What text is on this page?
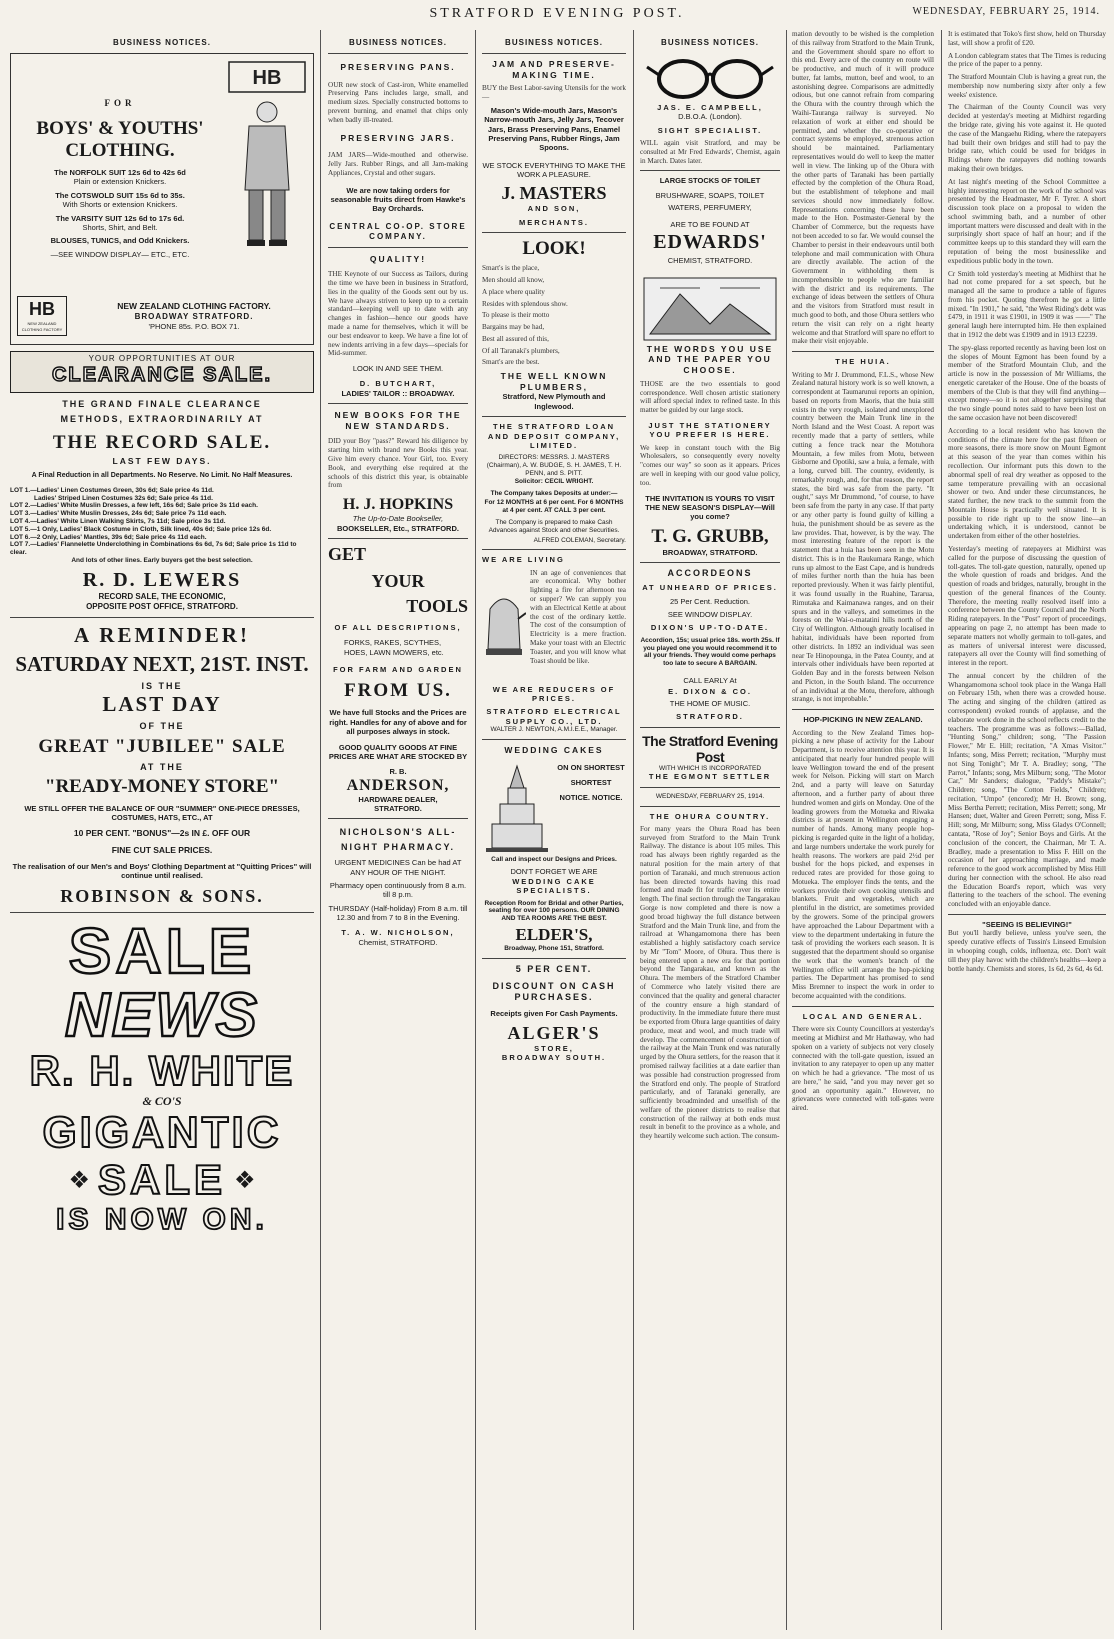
STRATFORD EVENING POST.	WEDNESDAY, FEBRUARY 25, 1914.
BUSINESS NOTICES.
HB
FOR
BOYS' & YOUTHS'
CLOTHING.
The NORFOLK SUIT 12s 6d to 42s 6d
Plain or extension Knickers.
The COTSWOLD SUIT 15s 6d to 35s.
With Shorts or extension Knickers.
The VARSITY SUIT 12s 6d to 17s 6d.
Shorts, Shirt, and Belt.
BLOUSES, TUNICS, and Odd Knickers.
—SEE WINDOW DISPLAY— ETC., ETC.
HB
NEW ZEALAND CLOTHING FACTORY
NEW ZEALAND CLOTHING FACTORY.
BROADWAY STRATFORD.
'PHONE 85s. P.O. BOX 71.
YOUR OPPORTUNITIES AT OUR
CLEARANCE SALE.
THE GRAND FINALE CLEARANCE
METHODS, EXTRAORDINARILY AT
THE RECORD SALE.
LAST FEW DAYS.
A Final Reduction in all Departments. No Reserve. No Limit. No Half Measures.
LOT 1.—Ladies' Linen Costumes Green, 30s 6d; Sale price 4s 11d.
Ladies' Striped Linen Costumes 32s 6d; Sale price 4s 11d.
LOT 2.—Ladies' White Muslin Dresses, a few left, 16s 6d; Sale price 3s 11d each.
LOT 3.—Ladies' White Muslin Dresses, 24s 6d; Sale price 7s 11d each.
LOT 4.—Ladies' White Linen Walking Skirts, 7s 11d; Sale price 3s 11d.
LOT 5.—1 Only, Ladies' Black Costume in Cloth, Silk lined, 40s 6d; Sale price 12s 6d.
LOT 6.—2 Only, Ladies' Mantles, 39s 6d; Sale price 4s 11d each.
LOT 7.—Ladies' Flannelette Underclothing in Combinations 6s 6d, 7s 6d; Sale price 1s 11d to clear.
And lots of other lines. Early buyers get the best selection.
R. D. LEWERS
RECORD SALE, THE ECONOMIC,
OPPOSITE POST OFFICE, STRATFORD.
A REMINDER!
SATURDAY NEXT, 21ST. INST.
IS THE
LAST DAY
OF THE
GREAT "JUBILEE" SALE
AT THE
"READY-MONEY STORE"
WE STILL OFFER THE BALANCE OF OUR "SUMMER" ONE-PIECE DRESSES, COSTUMES, HATS, ETC., AT
10 PER CENT. "BONUS"—2s IN £. OFF OUR
FINE CUT SALE PRICES.
The realisation of our Men's and Boys' Clothing Department at "Quitting Prices" will continue until realised.
ROBINSON & SONS.
SALE
NEWS
R. H. WHITE
& CO'S
GIGANTIC
❖ SALE ❖
IS NOW ON.
BUSINESS NOTICES.
PRESERVING PANS.
OUR new stock of Cast-iron, White enamelled Preserving Pans includes large, small, and medium sizes. Specially constructed bottoms to prevent burning, and enamel that chips only when badly ill-treated.
PRESERVING JARS.
JAM JARS—Wide-mouthed and otherwise. Jelly Jars. Rubber Rings, and all Jam-making Appliances, Crystal and other sugars.
We are now taking orders for seasonable fruits direct from Hawke's Bay Orchards.
CENTRAL CO-OP. STORE COMPANY.
QUALITY!
THE Keynote of our Success as Tailors, during the time we have been in business in Stratford, lies in the quality of the Goods sent out by us. We have always striven to keep up to a certain standard—keeping well up to date with any changes in fashion—hence our goods have made a name for themselves, which it will be our best endeavor to keep. We have a fine lot of new indents arriving in a few days—specials for Mid-summer.
LOOK IN AND SEE THEM.
D. BUTCHART,
LADIES' TAILOR :: BROADWAY.
NEW BOOKS FOR THE NEW STANDARDS.
DID your Boy "pass?" Reward his diligence by starting him with brand new Books this year. Give him every chance. Your Girl, too. Every Book, and everything else required at the schools of this district this year, is obtainable from
H. J. HOPKINS
The Up-to-Date Bookseller,
BOOKSELLER, Etc., STRATFORD.
GET
YOUR
TOOLS
OF ALL DESCRIPTIONS,
FORKS, RAKES, SCYTHES, HOES, LAWN MOWERS, etc.
FOR FARM AND GARDEN
FROM US.
We have full Stocks and the Prices are right. Handles for any of above and for all purposes always in stock.
GOOD QUALITY GOODS AT FINE PRICES ARE WHAT ARE STOCKED BY
R. B.
ANDERSON,
HARDWARE DEALER,
STRATFORD.
NICHOLSON'S ALL-NIGHT PHARMACY.
URGENT MEDICINES Can be had AT ANY HOUR OF THE NIGHT.
Pharmacy open continuously from 8 a.m. till 8 p.m.
THURSDAY (Half-holiday) From 8 a.m. till 12.30 and from 7 to 8 in the Evening.
T. A. W. NICHOLSON,
Chemist, STRATFORD.
BUSINESS NOTICES.
JAM AND PRESERVE-MAKING TIME.
BUY the Best Labor-saving Utensils for the work—
Mason's Wide-mouth Jars, Mason's Narrow-mouth Jars, Jelly Jars, Tecover Jars, Brass Preserving Pans, Enamel Preserving Pans, Rubber Rings, Jam Spoons.
WE STOCK EVERYTHING TO MAKE THE WORK A PLEASURE.
J. MASTERS
AND SON,
MERCHANTS.
LOOK!
Smart's is the place,
Men should all know,
A place where quality
Resides with splendous show.
To please is their motto
Bargains may be had,
Best all assured of this,
Of all Taranaki's plumbers,
Smart's are the best.
THE WELL KNOWN PLUMBERS,
Stratford, New Plymouth and Inglewood.
THE STRATFORD LOAN AND DEPOSIT COMPANY, LIMITED.
DIRECTORS: MESSRS. J. MASTERS (Chairman), A. W. BUDGE, S. H. JAMES, T. H. PENN, and S. PITT.
Solicitor: CECIL WRIGHT.
The Company takes Deposits at under:—
For 12 MONTHS at 6 per cent. For 6 MONTHS at 4 per cent. AT CALL 3 per cent.
The Company is prepared to make Cash Advances against Stock and other Securities.
ALFRED COLEMAN, Secretary.
WE ARE LIVING
IN an age of conveniences that are economical. Why bother lighting a fire for afternoon tea or supper? We can supply you with an Electrical Kettle at about the cost of the ordinary kettle. The cost of the consumption of Electricity is a mere fraction. Make your toast with an Electric Toaster, and you will know what Toast should be like.
WE ARE REDUCERS OF PRICES.
STRATFORD ELECTRICAL SUPPLY CO., LTD.
WALTER J. NEWTON, A.M.I.E.E., Manager.
WEDDING CAKES
ON ON SHORTEST SHORTEST NOTICE. NOTICE.
Call and inspect our Designs and Prices.
DON'T FORGET WE ARE
WEDDING CAKE SPECIALISTS.
Reception Room for Bridal and other Parties, seating for over 100 persons. OUR DINING AND TEA ROOMS ARE THE BEST.
ELDER'S,
Broadway, Phone 151, Stratford.
5 PER CENT.
DISCOUNT ON CASH PURCHASES.
Receipts given For Cash Payments.
ALGER'S
STORE,
BROADWAY SOUTH.
BUSINESS NOTICES.
JAS. E. CAMPBELL,
D.B.O.A. (London).
SIGHT SPECIALIST.
WILL again visit Stratford, and may be consulted at Mr Fred Edwards', Chemist, again in March. Dates later.
LARGE STOCKS OF TOILET
BRUSHWARE, SOAPS, TOILET WATERS, PERFUMERY,
ARE TO BE FOUND AT
EDWARDS'
CHEMIST, STRATFORD.
THE WORDS YOU USE AND THE PAPER YOU CHOOSE.
THOSE are the two essentials to good correspondence. Well chosen artistic stationery will afford special index to refined taste. In this matter be guided by our large stock.
JUST THE STATIONERY YOU PREFER IS HERE.
We keep in constant touch with the Big Wholesalers, so consequently every novelty "comes our way" so soon as it appears. Prices are well in keeping with our good value policy, too.
THE INVITATION IS YOURS TO VISIT THE NEW SEASON'S DISPLAY—Will you come?
T. G. GRUBB,
BROADWAY, STRATFORD.
ACCORDEONS
AT UNHEARD OF PRICES.
25 Per Cent. Reduction.
SEE WINDOW DISPLAY.
DIXON'S UP-TO-DATE.
Accordion, 15s; usual price 18s. worth 25s. If you played one you would recommend it to all your friends. They would come perhaps too late to secure A BARGAIN.
CALL EARLY At
E. DIXON & CO.
THE HOME OF MUSIC.
STRATFORD.
The Stratford Evening Post
WITH WHICH IS INCORPORATED
THE EGMONT SETTLER
WEDNESDAY, FEBRUARY 25, 1914.
THE OHURA COUNTRY.
For many years the Ohura Road has been surveyed from Stratford to the Main Trunk Railway. The distance is about 105 miles. This road has always been rightly regarded as the natural position for the main artery of that portion of Taranaki, and much strenuous action has been directed towards having this road formed and made fit for traffic over its entire length. The final section through the Tangarakau Gorge is now completed and there is now a good broad highway the full distance between Stratford and the Main Trunk line, and from the railroad at Whangamomona there has been established a highly satisfactory coach service by Mr "Tom" Moore, of Ohura. Thus there is being entered upon a new era for that portion beyond the Tangarakau, and known as the Ohura. The members of the Stratford Chamber of Commerce who lately visited there are convinced that the quality and general character of the country ensure a high standard of productivity. In the immediate future there must be exported from Ohura large quantities of dairy produce, meat and wool, and much trade will develop. The commencement of construction of the railway at the Main Trunk end was naturally urged by the Ohura settlers, for the reason that it promised railway facilities at a date earlier than was possible had construction progressed from the Stratford end only. The people of Stratford particularly, and of Taranaki generally, are sufficiently broadminded and unselfish of the welfare of the pioneer districts to realise that construction of the railway at both ends must result in benefit to the province as a whole, and they heartily welcome such action. The consum-
mation devoutly to be wished is the completion of this railway from Stratford to the Main Trunk, and the Government should spare no effort to this end. Every acre of the country en route will be productive, and much of it will produce butter, fat lambs, mutton, beef and wool, to an astonishing degree. Comparisons are admittedly odious, but one cannot refrain from comparing the Ohura with the country through which the Waihi-Tauranga railway is surveyed. No relaxation of work at either end should be permitted, and whether the co-operative or contract systems be employed, strenuous action should be maintained. Parliamentary representatives would do well to keep the matter well in view. The linking up of the Ohura with the other parts of Taranaki has been partially effected by the completion of the Ohura Road, but the establishment of telephone and mail services should now immediately follow. Representations concerning these have been made to the Hon. Postmaster-General by the Chamber of Commerce, but the requests have not been acceded to so far. We would counsel the Chamber to persist in their endeavours until both telephone and mail communication with Ohura are directly available. The action of the Government in withholding them is incomprehensible to people who are familiar with the district and its requirements. The exchange of ideas between the settlers of Ohura and the visitors from Stratford must result in much good to both, and those Ohura settlers who return the visit can rely on a right hearty welcome and that Stratford will spare no effort to make their visit enjoyable.
THE HUIA.
Writing to Mr J. Drummond, F.L.S., whose New Zealand natural history work is so well known, a correspondent at Taumarunui reports an opinion, based on reports from Maoris, that the huia still exists in the very rough, isolated and unexplored country between the Main Trunk line in the North Island and the West Coast. A report was recently made that a party of settlers, while cutting a fence track near the Motuhora Mountain, a few miles from Motu, between Gisborne and Opotiki, saw a huia, a female, with a long, curved bill. The country, evidently, is remarkably rough, and, for that reason, the report states, the bird was safe from the party. "It ought," says Mr Drummond, "of course, to have been safe from the party in any case. If that party or any other party is found guilty of killing a huia, the punishment should be as severe as the law provides. That, however, is by the way. The most interesting feature of the report is the statement that a huia has been seen in the Motu district. This is in the Raukumara Range, which runs up almost to the East Cape, and is hundreds of miles further north than the huia has been reported previously. When it was fairly plentiful, it was found usually in the Ruahine, Tararua, Rimutaka and Kaimanawa ranges, and on their spurs and in the valleys, and sometimes in the forests on the Wai-o-matatini hills north of the City of Wellington. Although greatly localised in habitat, individuals have been reported from other districts. In 1892 an individual was seen near Te Hinopounga, in the Patea County, and at intervals other individuals have been reported at Golden Bay and in the forests between Nelson and Picton, in the South Island. The occurrence of an individual at the Motu, therefore, although strange, is not improbable."
HOP-PICKING IN NEW ZEALAND.
According to the New Zealand Times hop-picking a new phase of activity for the Labour Department, is to receive attention this year. It is anticipated that nearly four hundred people will leave Wellington toward the end of the present week for Nelson. Picking will start on March 2nd, and a party will leave on Saturday afternoon, and a further party of about three hundred women and girls on Monday. One of the leading growers from the Motueka and Riwaka districts is at present in Wellington engaging a number of hands. Among many people hop-picking is regarded quite in the light of a holiday, and large numbers undertake the work purely for health reasons. The workers are paid 2½d per bushel for the hops picked, and expenses in reduced rates are provided for those going to Motueka. The employer finds the tents, and the workers provide their own cooking utensils and blankets. Fruit and vegetables, which are plentiful in the district, are sometimes provided by the growers. Some of the principal growers have approached the Labour Department with a view to the department undertaking in future the task of providing the workers each season. It is suggested that the department should so organise the work that the women's branch of the Wellington office will arrange the hop-picking parties. The Department has promised to send Miss Bremner to inspect the work in order to become acquainted with the conditions.
LOCAL AND GENERAL.
There were six County Councillors at yesterday's meeting at Midhirst and Mr Hathaway, who had spoken on a variety of subjects not very closely connected with the toll-gate question, issued an invitation to any ratepayer to open up any matter on which he had a grievance. "The most of us are here," he said, "and you may never get so good an opportunity again." However, no grievances were connected with toll-gates were aired.
It is estimated that Toko's first show, held on Thursday last, will show a profit of £20.
A London cablegram states that The Times is reducing the price of the paper to a penny.
The Stratford Mountain Club is having a great run, the membership now numbering sixty after only a few weeks' existence.
The Chairman of the County Council was very decided at yesterday's meeting at Midhirst regarding the bridge rate, giving his vote against it. He quoted the case of the Mangaehu Riding, where the ratepayers had built their own bridges and still had to pay the bridge rate, which could be used for bridges in Ridings where the ratepayers did nothing towards making their own bridges.
At last night's meeting of the School Committee a highly interesting report on the work of the school was presented by the Headmaster, Mr F. Tyrer. A short discussion took place on a proposal to widen the school swimming bath, and a number of other important matters were discussed and dealt with in the surprisingly short space of half an hour; and if the committee keeps up to this standard they will earn the reputation of being the most businesslike and expeditious public body in the town.
Cr Smith told yesterday's meeting at Midhirst that he had not come prepared for a set speech, but he managed all the same to produce a table of figures from his pocket. Quoting therefrom he got a little mixed. "In 1901," he said, "the West Riding's debt was £479, in 1911 it was £1901, in 1909 it was ——" The general laugh here interrupted him. He then explained that in 1912 the debt was £1909 and in 1913 £2239.
The spy-glass reported recently as having been lost on the slopes of Mount Egmont has been found by a member of the Stratford Mountain Club, and the article is now in the possession of Mr Williams, the energetic caretaker of the House. One of the boasts of members of the Club is that they will find anything—except money—so it is not altogether surprising that the two single pound notes said to have been lost on the same occasion have not been discovered!
According to a local resident who has known the conditions of the climate here for the past fifteen or more seasons, there is more snow on Mount Egmont at this season of the year than comes within his recollection. Our informant puts this down to the abnormal spell of real dry weather as opposed to the same temperature prevailing with an occasional shower or two. And under these circumstances, he stated further, the new track to the summit from the Mountain House is practically well situated. It is possible to ride right up to the snow line—an undertaking which, it is understood, cannot be undertaken from either of the other hostelries.
Yesterday's meeting of ratepayers at Midhirst was called for the purpose of discussing the question of toll-gates. The toll-gate question, naturally, opened up the whole question of roads and bridges. And the question of roads and bridges, naturally, brought in the question of the general finances of the County. Therefore, the meeting really resolved itself into a conference between the County Council and the North Riding ratepayers. In the "Post" report of proceedings, appearing on page 2, no attempt has been made to separate matters not wholly germain to toll-gates, and as matters of universal interest were discussed, ratepayers all over the County will find something of interest in the report.
The annual concert by the children of the Whangamomona school took place in the Wanga Hall on February 15th, when there was a crowded house. The acting and singing of the children (attired as correspondent) evoked rounds of applause, and the elaborate work done in the school reflects credit to the teachers. The programme was as follows:—Ballad, "Hunting Song," children; song, "The Passion Flower," Mr E. Hill; recitation, "A Xmas Visitor." Infants; song, Miss Perrett; recitation, "Murphy must not Sing Tonight"; Mr T. A. Bradley; song, "The Parrot," Infants; song, Mrs Milburn; song, "The Motor Car," Mr Sanders; dialogue, "Paddy's Mistake"; Children; song, "The Cotton Fields," Children; recitation, "Umpo" (encored); Mr H. Brown; song, Miss Bertha Perrett; recitation, Miss Perrett; song, Mr Hansen; duet, Walter and Green Perrett; song, Miss F. Hill; song, Mr Milburn; song, Miss Gladys O'Connell; cantata, "Rose of Joy"; Senior Boys and Girls. At the conclusion of the concert, the Chairman, Mr T. A. Bradley, made a presentation to Miss F. Hill on the occasion of her approaching marriage, and made reference to the good work accomplished by Miss Hill during her connection with the school. He also read the Education Board's report, which was very flattering to the teachers of the school. The evening concluded with an enjoyable dance.
"SEEING IS BELIEVING!"
But you'll hardly believe, unless you've seen, the speedy curative effects of Tussin's Linseed Emulsion in whooping cough, colds, influenza, etc. Don't wait till they play havoc with the children's healths—keep a bottle handy. Chemists and stores, 1s 6d, 2s 6d, 4s 6d.
